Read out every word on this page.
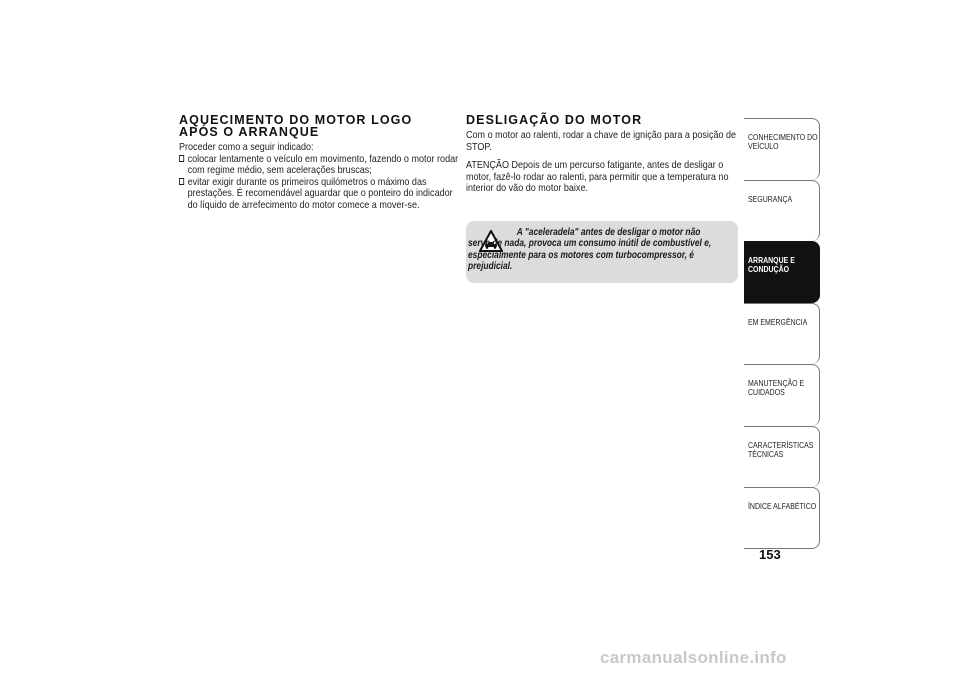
AQUECIMENTO DO MOTOR LOGO APÓS O ARRANQUE

Proceder como a seguir indicado:

colocar lentamente o veículo em movimento, fazendo o motor rodar com regime médio, sem acelerações bruscas;

evitar exigir durante os primeiros quilómetros o máximo das prestações. É recomendável aguardar que o ponteiro do indicador do líquido de arrefecimento do motor comece a mover-se.

DESLIGAÇÃO DO MOTOR

Com o motor ao ralenti, rodar a chave de ignição para a posição de STOP.

ATENÇÃO Depois de um percurso fatigante, antes de desligar o motor, fazê-lo rodar ao ralenti, para permitir que a temperatura no interior do vão do motor baixe.

A "aceleradela" antes de desligar o motor não serve de nada, provoca um consumo inútil de combustível e, especialmente para os motores com turbocompressor, é prejudicial.
CONHECIMENTO DO VEÍCULO
SEGURANÇA
ARRANQUE E CONDUÇÃO
EM EMERGÊNCIA
MANUTENÇÃO E CUIDADOS
CARACTERÍSTICAS TÉCNICAS
ÍNDICE ALFABÉTICO
153
carmanualsonline.info
